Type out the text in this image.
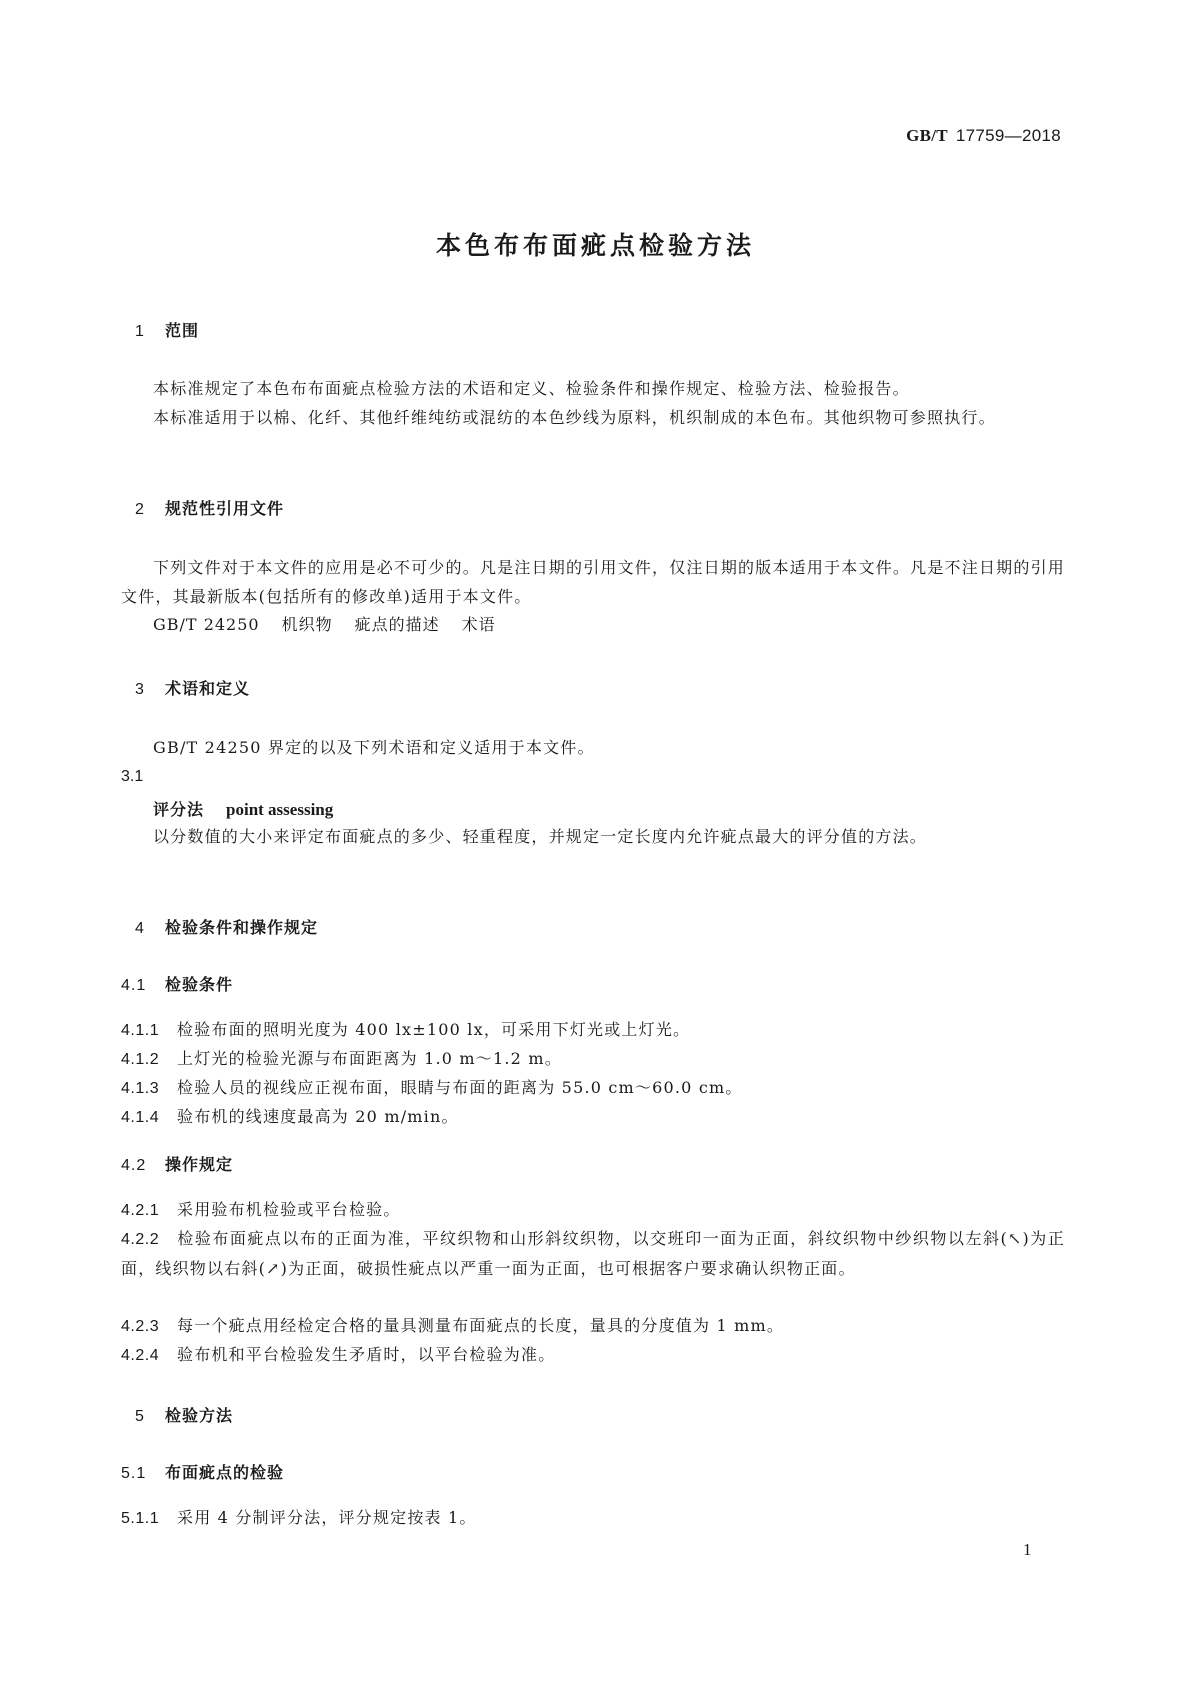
GB/T 17759—2018
本色布布面疵点检验方法
1 范围
本标准规定了本色布布面疵点检验方法的术语和定义、检验条件和操作规定、检验方法、检验报告。
本标准适用于以棉、化纤、其他纤维纯纺或混纺的本色纱线为原料，机织制成的本色布。其他织物可参照执行。
2 规范性引用文件
下列文件对于本文件的应用是必不可少的。凡是注日期的引用文件，仅注日期的版本适用于本文件。凡是不注日期的引用文件，其最新版本(包括所有的修改单)适用于本文件。
GB/T 24250 机织物 疵点的描述 术语
3 术语和定义
GB/T 24250 界定的以及下列术语和定义适用于本文件。
3.1
评分法 point assessing
以分数值的大小来评定布面疵点的多少、轻重程度，并规定一定长度内允许疵点最大的评分值的方法。
4 检验条件和操作规定
4.1 检验条件
4.1.1 检验布面的照明光度为 400 lx±100 lx，可采用下灯光或上灯光。
4.1.2 上灯光的检验光源与布面距离为 1.0 m～1.2 m。
4.1.3 检验人员的视线应正视布面，眼睛与布面的距离为 55.0 cm～60.0 cm。
4.1.4 验布机的线速度最高为 20 m/min。
4.2 操作规定
4.2.1 采用验布机检验或平台检验。
4.2.2 检验布面疵点以布的正面为准，平纹织物和山形斜纹织物，以交班印一面为正面，斜纹织物中纱织物以左斜(↖)为正面，线织物以右斜(↗)为正面，破损性疵点以严重一面为正面，也可根据客户要求确认织物正面。
4.2.3 每一个疵点用经检定合格的量具测量布面疵点的长度，量具的分度值为 1 mm。
4.2.4 验布机和平台检验发生矛盾时，以平台检验为准。
5 检验方法
5.1 布面疵点的检验
5.1.1 采用 4 分制评分法，评分规定按表 1。
1
